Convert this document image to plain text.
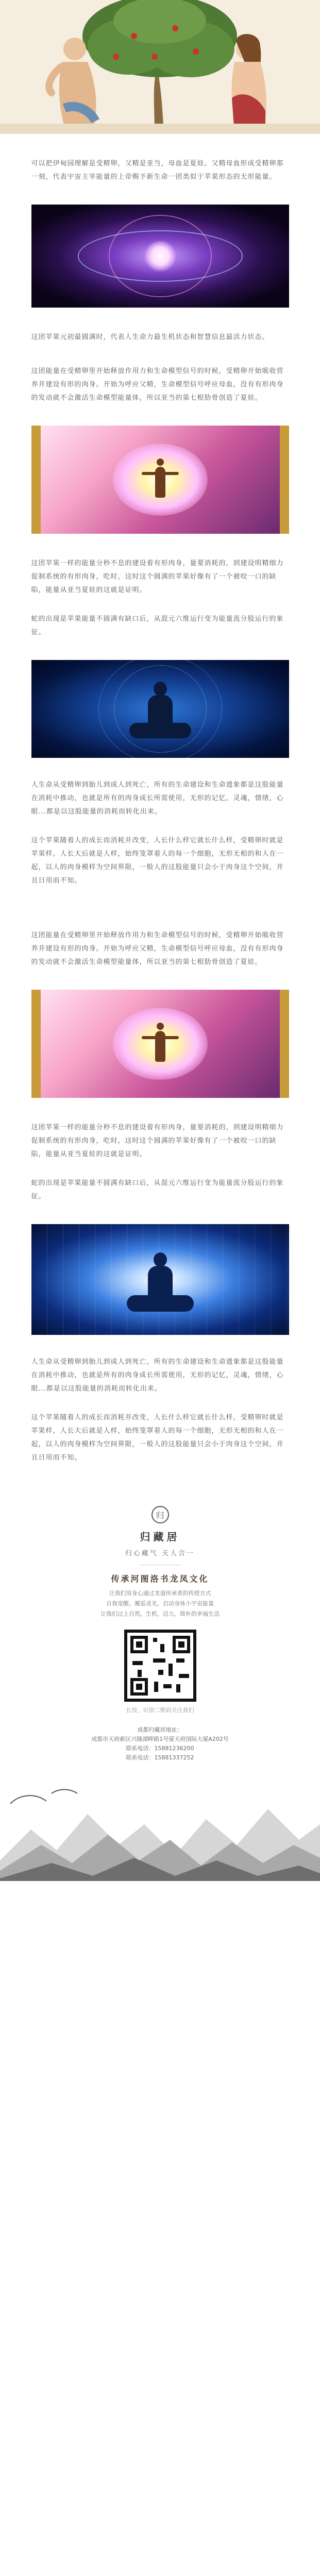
可以把伊甸园理解是受精卵，父精是亚当，母血是夏娃。父精母血形成受精卵那一刻，代表宇宙主宰能量的上帝赐予新生命一团类似于苹果形态的无形能量。

这团苹果元初最圆满时，代表人生命力最生机状态和智慧信息最活力状态。

这团能量在受精卵里开始释放作用力和生命模型信号的时候，受精卵开始吸收营养并建设有形的肉身。开始为呼应父精，生命模型信号呼应母血，没有有形肉身的发动就不会激活生命模型能量体，所以亚当的第七根肋骨创造了夏娃。

这团苹果一样的能量分秒不息的建设着有形肉身，量要消耗的，到建设明精细力促制系统的有形肉身，吃时，这时这个圆满的苹果好像有了一个被咬一口的缺陷，能量从亚当夏娃的这就是证明。

蛇的出现是苹果能量不圆满有缺口后，从混元六维运行变为能量流分股运行的象征。

人生命从受精卵到胎儿到成人到死亡，所有的生命建设和生命遗象都是这股能量在消耗中推动，也就是所有的肉身成长所需使用，无形的记忆，灵魂，情绪，心眼...都是以这股能量的消耗而转化出来。

这个苹果随着人的成长而消耗并改变，人长什么样它就长什么样，受精卵时就是苹果样，人长大后就是人样，始终笼罩着人的每一个细胞，无形无相的和人在一起，以人的肉身模样为空间界限，一般人的这股能量只会小于肉身这个空间，并且日用而不知。

这团能量在受精卵里开始释放作用力和生命模型信号的时候，受精卵开始吸收营养并建设有形的肉身。开始为呼应父精，生命模型信号呼应母血，没有有形肉身的发动就不会激活生命模型能量体，所以亚当的第七根肋骨创造了夏娃。

这团苹果一样的能量分秒不息的建设着有形肉身，量要消耗的，到建设明精细力促制系统的有形肉身，吃时，这时这个圆满的苹果好像有了一个被咬一口的缺陷，能量从亚当夏娃的这就是证明。

蛇的出现是苹果能量不圆满有缺口后，从混元六维运行变为能量流分股运行的象征。

人生命从受精卵到胎儿到成人到死亡，所有的生命建设和生命遗象都是这股能量在消耗中推动，也就是所有的肉身成长所需使用，无形的记忆，灵魂，情绪，心眼...都是以这股能量的消耗而转化出来。

这个苹果随着人的成长而消耗并改变，人长什么样它就长什么样，受精卵时就是苹果样，人长大后就是人样，始终笼罩着人的每一个细胞，无形无相的和人在一起，以人的肉身模样为空间界限，一般人的这股能量只会小于肉身这个空间，并且日用而不知。

归
归藏居
归心藏气 天人合一
传承河图洛书龙凤文化
让我们用身心通过龙道传承者的传授方式
自我觉醒，邂逅灵光，启动身体小宇宙能量
让我们过上自然，生机，活力，简朴的幸福生活
长按，识别二维码关注我们
成都归藏居地址：
成都市天府新区兴隆湖畔路1号厦天府国际大厦A202号
联系电话：15881236200
联系电话：15881337252
